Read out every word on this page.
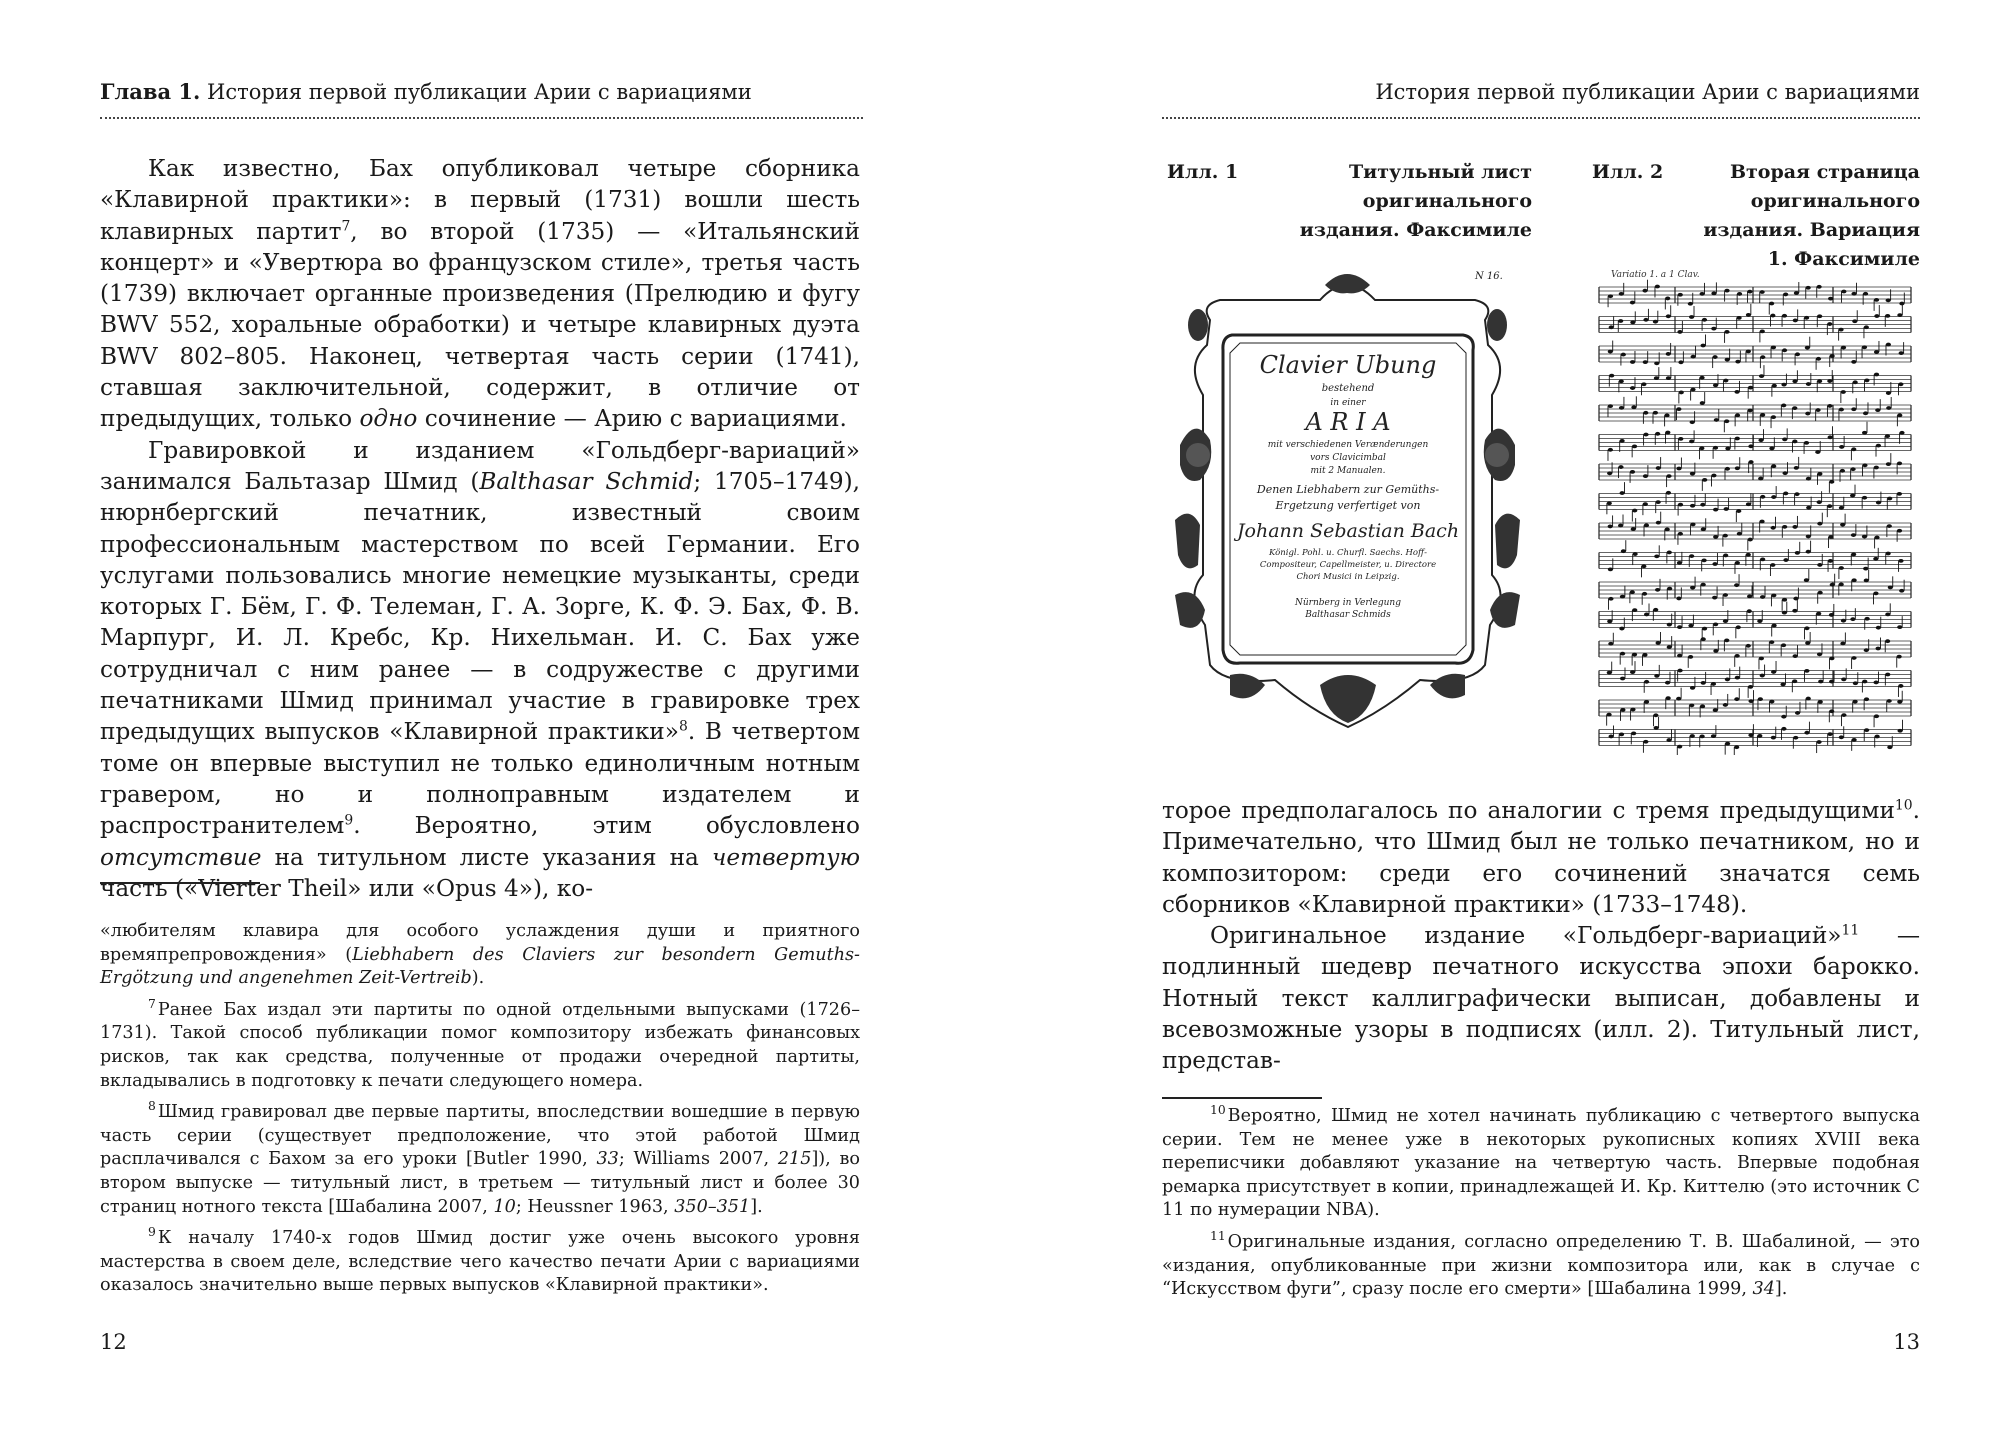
Глава 1. История первой публикации Арии с вариациями

Как известно, Бах опубликовал четыре сборника «Клавирной практики»: в первый (1731) вошли шесть клавирных партит$^7$, во второй (1735) — «Итальянский концерт» и «Увертюра во французском стиле», третья часть (1739) включает органные произведения (Прелюдию и фугу BWV 552, хоральные обработки) и четыре клавирных дуэта BWV 802–805. Наконец, четвертая часть серии (1741), ставшая заключительной, содержит, в отличие от предыдущих, только одно сочинение — Арию с вариациями.

Гравировкой и изданием «Гольдберг-вариаций» занимался Бальтазар Шмид (Balthasar Schmid; 1705–1749), нюрнбергский печатник, известный своим профессиональным мастерством по всей Германии. Его услугами пользовались многие немецкие музыканты, среди которых Г. Бём, Г. Ф. Телеман, Г. А. Зорге, К. Ф. Э. Бах, Ф. В. Марпург, И. Л. Кребс, Кр. Нихельман. И. С. Бах уже сотрудничал с ним ранее — в содружестве с другими печатниками Шмид принимал участие в гравировке трех предыдущих выпусков «Клавирной практики»$^8$. В четвертом томе он впервые выступил не только единоличным нотным гравером, но и полноправным издателем и распространителем$^9$. Вероятно, этим обусловлено отсутствие на титульном листе указания на четвертую часть («Vierter Theil» или «Opus 4»), ко-

«любителям клавира для особого услаждения души и приятного времяпрепровождения» (Liebhabern des Claviers zur besondern Gemuths-Ergötzung und angenehmen Zeit-Vertreib).

$^7$ Ранее Бах издал эти партиты по одной отдельными выпусками (1726–1731). Такой способ публикации помог композитору избежать финансовых рисков, так как средства, полученные от продажи очередной партиты, вкладывались в подготовку к печати следующего номера.

$^8$ Шмид гравировал две первые партиты, впоследствии вошедшие в первую часть серии (существует предположение, что этой работой Шмид расплачивался с Бахом за его уроки [Butler 1990, 33; Williams 2007, 215]), во втором выпуске — титульный лист, в третьем — титульный лист и более 30 страниц нотного текста [Шабалина 2007, 10; Heussner 1963, 350–351].

$^9$ К началу 1740-х годов Шмид достиг уже очень высокого уровня мастерства в своем деле, вследствие чего качество печати Арии с вариациями оказалось значительно выше первых выпусков «Клавирной практики».

12
История первой публикации Арии с вариациями
Илл. 1	Титульный лист оригинального издания. Факсимиле
Илл. 2	Вторая страница оригинального издания. Вариация 1. Факсимиле
N 16.
Clavier Ubung
bestehend
in einer
A R I A
mit verschiedenen Verænderungen
vors Clavicimbal
mit 2 Manualen.
Denen Liebhabern zur Gemüths-
Ergetzung verfertiget von
Johann Sebastian Bach
Königl. Pohl. u. Churfl. Saechs. Hoff-
Compositeur, Capellmeister, u. Directore
Chori Musici in Leipzig.
Nürnberg in Verlegung
Balthasar Schmids
Variatio 1. a 1 Clav.

торое предполагалось по аналогии с тремя предыдущими$^{10}$. Примечательно, что Шмид был не только печатником, но и композитором: среди его сочинений значатся семь сборников «Клавирной практики» (1733–1748).

Оригинальное издание «Гольдберг-вариаций»$^{11}$ — подлинный шедевр печатного искусства эпохи барокко. Нотный текст каллиграфически выписан, добавлены и всевозможные узоры в подписях (илл. 2). Титульный лист, представ-

$^{10}$ Вероятно, Шмид не хотел начинать публикацию с четвертого выпуска серии. Тем не менее уже в некоторых рукописных копиях XVIII века переписчики добавляют указание на четвертую часть. Впервые подобная ремарка присутствует в копии, принадлежащей И. Кр. Киттелю (это источник C 11 по нумерации NBA).

$^{11}$ Оригинальные издания, согласно определению Т. В. Шабалиной, — это «издания, опубликованные при жизни композитора или, как в случае с “Искусством фуги”, сразу после его смерти» [Шабалина 1999, 34].

13
